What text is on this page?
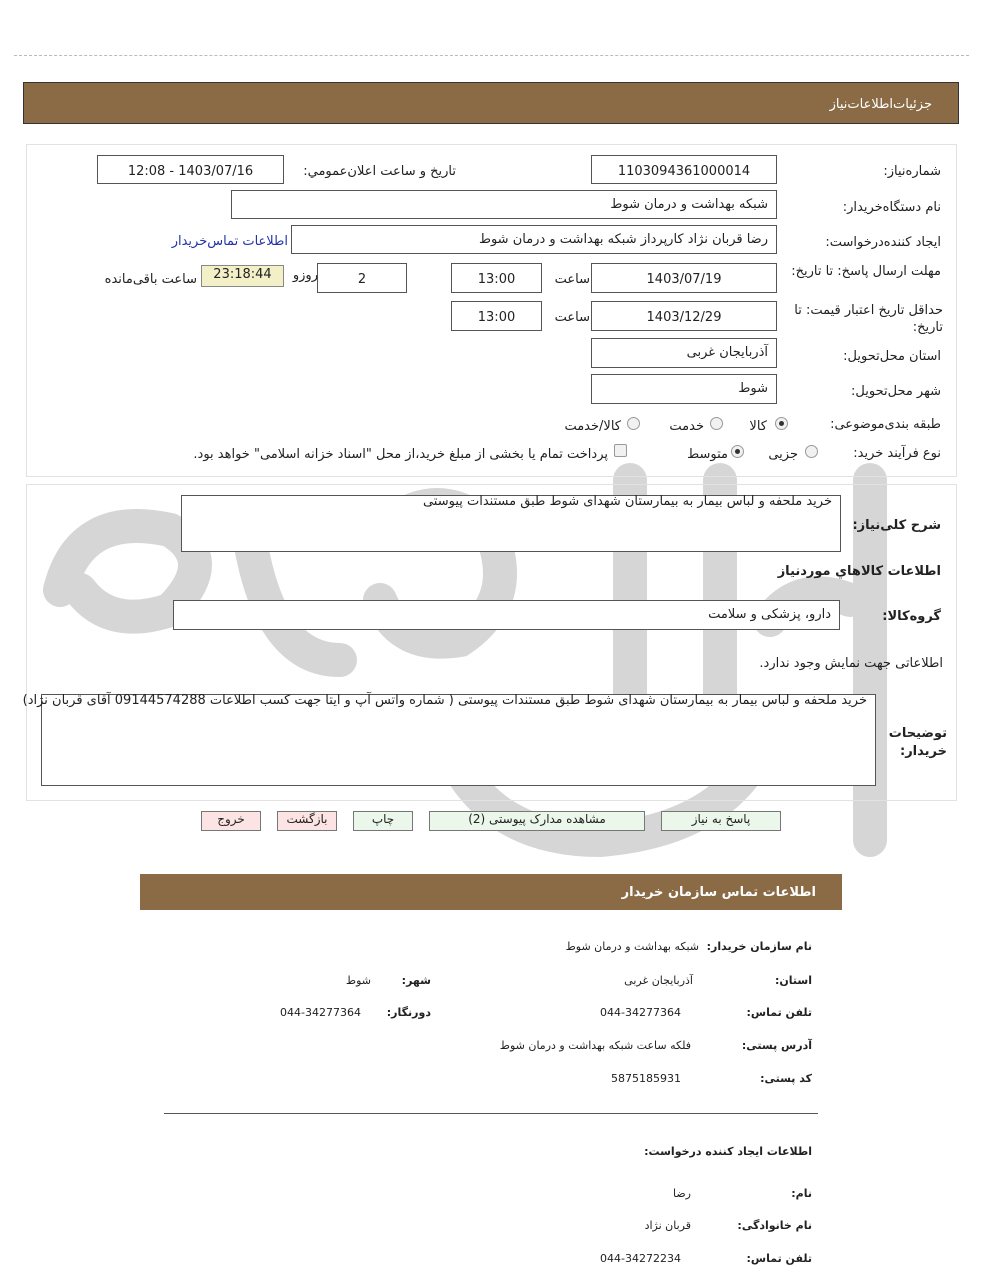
جزئیات‌اطلاعات‌نیاز
شماره‌نیاز:
1103094361000014
تاريخ و ساعت اعلان‌عمومي:
1403/07/16 - 12:08
نام دستگاه‌خریدار:
شبکه بهداشت و درمان شوط
ایجاد کننده‌درخواست:
رضا قربان نژاد کارپرداز شبکه بهداشت و درمان شوط
اطلاعات تماس‌خریدار
مهلت ارسال پاسخ: تا تاریخ:
1403/07/19
ساعت
13:00
2
روزو
23:18:44
ساعت باقی‌مانده
حداقل تاریخ اعتبار قیمت: تا تاریخ:
1403/12/29
ساعت
13:00
استان محل‌تحویل:
آذربایجان غربی
شهر محل‌تحویل:
شوط
طبقه بندی‌موضوعی:
کالا
خدمت
کالا/خدمت
نوع فرآیند خرید:
جزیی
متوسط
پرداخت تمام یا بخشی از مبلغ خرید،از محل "اسناد خزانه اسلامی" خواهد بود.
شرح کلی‌نیاز:
خرید ملحفه و لباس بیمار به بیمارستان شهدای شوط طبق مستندات پیوستی
اطلاعات کالاهاي موردنياز
گروه‌کالا:
دارو، پزشکی و سلامت
اطلاعاتی جهت نمایش وجود ندارد.
توضیحات خریدار:
خرید ملحفه و لباس بیمار به بیمارستان شهدای شوط طبق مستندات پیوستی ( شماره واتس آپ و ایتا جهت کسب اطلاعات 09144574288 آقای قربان نژاد)
پاسخ به نیاز
مشاهده مدارک پیوستی (2)
چاپ
بازگشت
خروج
اطلاعات تماس سازمان خریدار
نام سازمان خریدار:
شبکه بهداشت و درمان شوط
استان:
آذربایجان غربی
شهر:
شوط
تلفن تماس:
044-34277364
دورنگار:
044-34277364
آدرس پستی:
فلکه ساعت شبکه بهداشت و درمان شوط
کد پستی:
5875185931
اطلاعات ایجاد کننده درخواست:
نام:
رضا
نام خانوادگی:
قربان نژاد
تلفن تماس:
044-34272234
